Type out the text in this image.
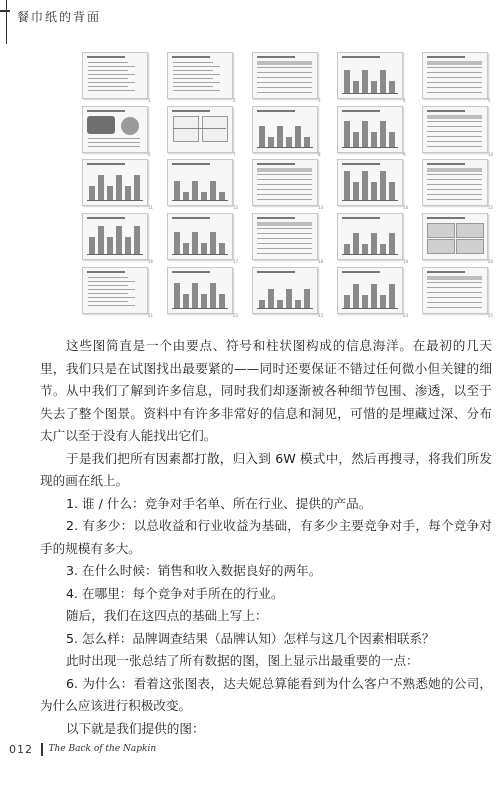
餐巾纸的背面
1	2	3	4	5
6	7	8	9	10
11	12	13	14	15
16	17	18	19	20
21	22	23	24	25

这些图简直是一个由要点、符号和柱状图构成的信息海洋。在最初的几天里，我们只是在试图找出最要紧的——同时还要保证不错过任何微小但关键的细节。从中我们了解到许多信息，同时我们却逐渐被各种细节包围、渗透，以至于失去了整个图景。资料中有许多非常好的信息和洞见，可惜的是埋藏过深、分布太广以至于没有人能找出它们。

于是我们把所有因素都打散，归入到 6W 模式中，然后再搜寻，将我们所发现的画在纸上。

1. 谁 / 什么：竞争对手名单、所在行业、提供的产品。

2. 有多少：以总收益和行业收益为基础，有多少主要竞争对手，每个竞争对手的规模有多大。

3. 在什么时候：销售和收入数据良好的两年。

4. 在哪里：每个竞争对手所在的行业。

随后，我们在这四点的基础上写上：

5. 怎么样：品牌调查结果（品牌认知）怎样与这几个因素相联系？

此时出现一张总结了所有数据的图，图上显示出最重要的一点：

6. 为什么：看着这张图表，达夫妮总算能看到为什么客户不熟悉她的公司，为什么应该进行积极改变。

以下就是我们提供的图：

012 The Back of the Napkin
